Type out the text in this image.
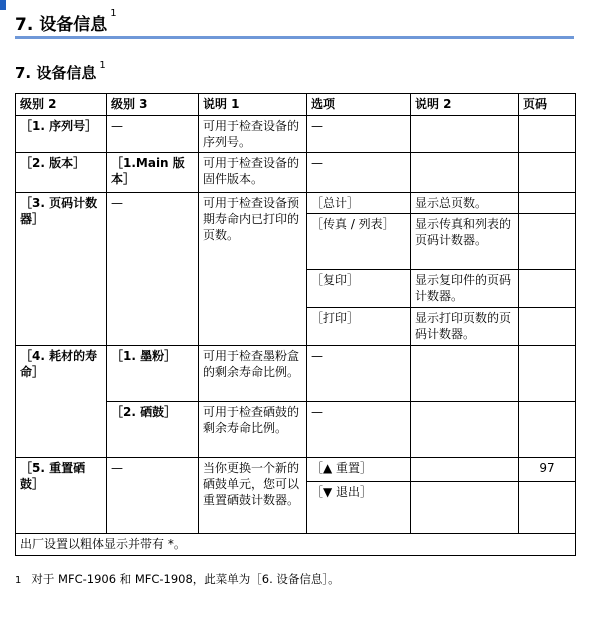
7. 设备信息$^1$
7. 设备信息 $^1$
级别 2	级别 3	说明 1	选项	说明 2	页码
［1. 序列号］	—	可用于检查设备的序列号。	—		
［2. 版本］	［1.Main 版本］	可用于检查设备的固件版本。	—		
［3. 页码计数器］	—	可用于检查设备预期寿命内已打印的页数。	［总计］	显示总页数。	
			［传真 / 列表］	显示传真和列表的页码计数器。	
			［复印］	显示复印件的页码计数器。	
			［打印］	显示打印页数的页码计数器。	
［4. 耗材的寿命］	［1. 墨粉］	可用于检查墨粉盒的剩余寿命比例。	—		
	［2. 硒鼓］	可用于检查硒鼓的剩余寿命比例。	—		
［5. 重置硒鼓］	—	当你更换一个新的硒鼓单元，您可以重置硒鼓计数器。	［▲ 重置］		97
			［▼ 退出］		
出厂设置以粗体显示并带有 *。					
1 对于 MFC-1906 和 MFC-1908，此菜单为［6. 设备信息］。
